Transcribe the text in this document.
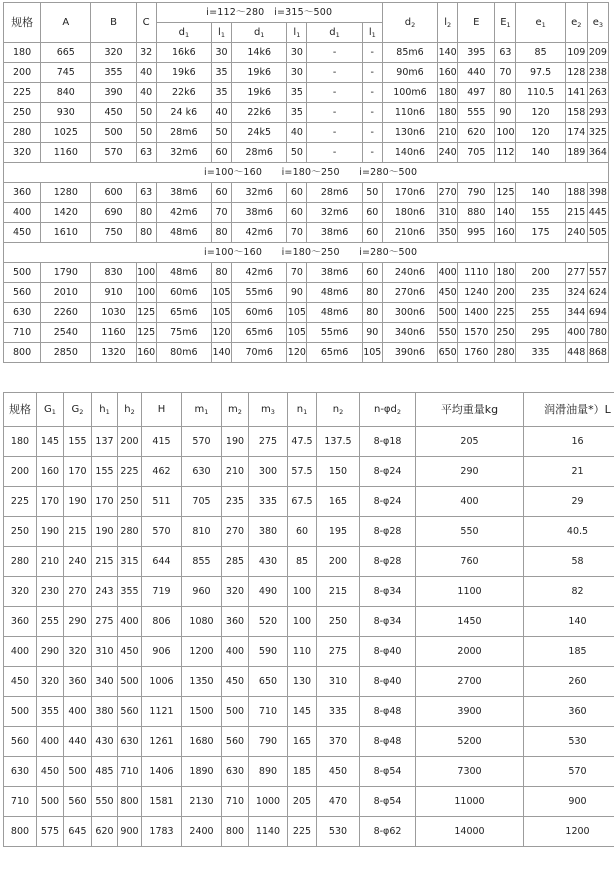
规格	A	B	C	i=112～280 i=315～500						$d_2$	$l_2$	E	$E_1$	$e_1$	$e_2$	$e_3$
				$d_1$	$l_1$	$d_1$	$l_1$	$d_1$	$l_1$
180	665	320	32	16k6	30	14k6	30	-	-	85m6	140	395	63	85	109	209
200	745	355	40	19k6	35	19k6	30	-	-	90m6	160	440	70	97.5	128	238
225	840	390	40	22k6	35	19k6	35	-	-	100m6	180	497	80	110.5	141	263
250	930	450	50	24 k6	40	22k6	35	-	-	110n6	180	555	90	120	158	293
280	1025	500	50	28m6	50	24k5	40	-	-	130n6	210	620	100	120	174	325
320	1160	570	63	32m6	60	28m6	50	-	-	140n6	240	705	112	140	189	364
i=100～160　　i=180～250　　i=280～500																
360	1280	600	63	38m6	60	32m6	60	28m6	50	170n6	270	790	125	140	188	398
400	1420	690	80	42m6	70	38m6	60	32m6	60	180n6	310	880	140	155	215	445
450	1610	750	80	48m6	80	42m6	70	38m6	60	210n6	350	995	160	175	240	505
i=100～160　　i=180～250　　i=280～500																
500	1790	830	100	48m6	80	42m6	70	38m6	60	240n6	400	1110	180	200	277	557
560	2010	910	100	60m6	105	55m6	90	48m6	80	270n6	450	1240	200	235	324	624
630	2260	1030	125	65m6	105	60m6	105	48m6	80	300n6	500	1400	225	255	344	694
710	2540	1160	125	75m6	120	65m6	105	55m6	90	340n6	550	1570	250	295	400	780
800	2850	1320	160	80m6	140	70m6	120	65m6	105	390n6	650	1760	280	335	448	868
规格	$G_1$	$G_2$	$h_1$	$h_2$	H	$m_1$	$m_2$	$m_3$	$n_1$	$n_2$	$n-\varphi d_2$	平均重量kg	润滑油量*）L
180	145	155	137	200	415	570	190	275	47.5	137.5	8-φ18	205	16
200	160	170	155	225	462	630	210	300	57.5	150	8-φ24	290	21
225	170	190	170	250	511	705	235	335	67.5	165	8-φ24	400	29
250	190	215	190	280	570	810	270	380	60	195	8-φ28	550	40.5
280	210	240	215	315	644	855	285	430	85	200	8-φ28	760	58
320	230	270	243	355	719	960	320	490	100	215	8-φ34	1100	82
360	255	290	275	400	806	1080	360	520	100	250	8-φ34	1450	140
400	290	320	310	450	906	1200	400	590	110	275	8-φ40	2000	185
450	320	360	340	500	1006	1350	450	650	130	310	8-φ40	2700	260
500	355	400	380	560	1121	1500	500	710	145	335	8-φ48	3900	360
560	400	440	430	630	1261	1680	560	790	165	370	8-φ48	5200	530
630	450	500	485	710	1406	1890	630	890	185	450	8-φ54	7300	570
710	500	560	550	800	1581	2130	710	1000	205	470	8-φ54	11000	900
800	575	645	620	900	1783	2400	800	1140	225	530	8-φ62	14000	1200
